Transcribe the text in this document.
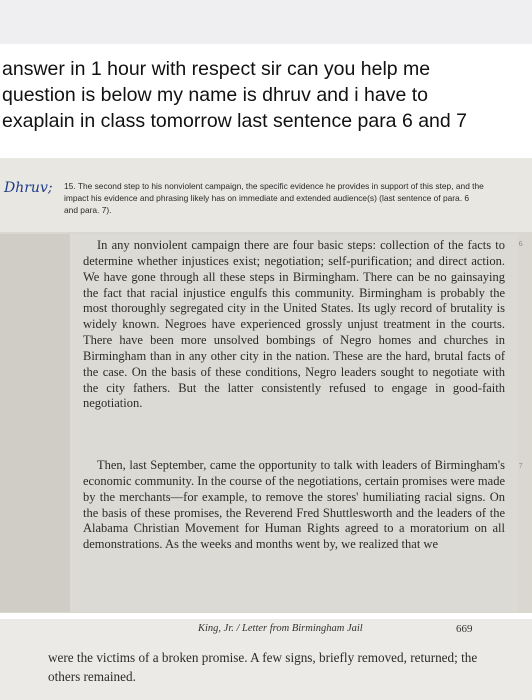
answer in 1 hour with respect sir can you help me
question is below my name is dhruv and i have to
exaplain in class tomorrow last sentence para 6 and 7
Dhruv; 15. The second step to his nonviolent campaign, the specific evidence he provides in support of this step, and the impact his evidence and phrasing likely has on immediate and extended audience(s) (last sentence of para. 6 and para. 7).
6
7
In any nonviolent campaign there are four basic steps: collection of the facts to determine whether injustices exist; negotiation; self-purification; and direct action. We have gone through all these steps in Birmingham. There can be no gainsaying the fact that racial injustice engulfs this community. Birmingham is probably the most thoroughly segregated city in the United States. Its ugly record of brutality is widely known. Negroes have experienced grossly unjust treatment in the courts. There have been more unsolved bombings of Negro homes and churches in Birmingham than in any other city in the nation. These are the hard, brutal facts of the case. On the basis of these conditions, Negro leaders sought to negotiate with the city fathers. But the latter consistently refused to engage in good-faith negotiation.
Then, last September, came the opportunity to talk with leaders of Birmingham's economic community. In the course of the negotiations, certain promises were made by the merchants—for example, to remove the stores' humiliating racial signs. On the basis of these promises, the Reverend Fred Shuttlesworth and the leaders of the Alabama Christian Movement for Human Rights agreed to a moratorium on all demonstrations. As the weeks and months went by, we realized that we
King, Jr. / Letter from Birmingham Jail	669
were the victims of a broken promise. A few signs, briefly removed, returned; the others remained.
